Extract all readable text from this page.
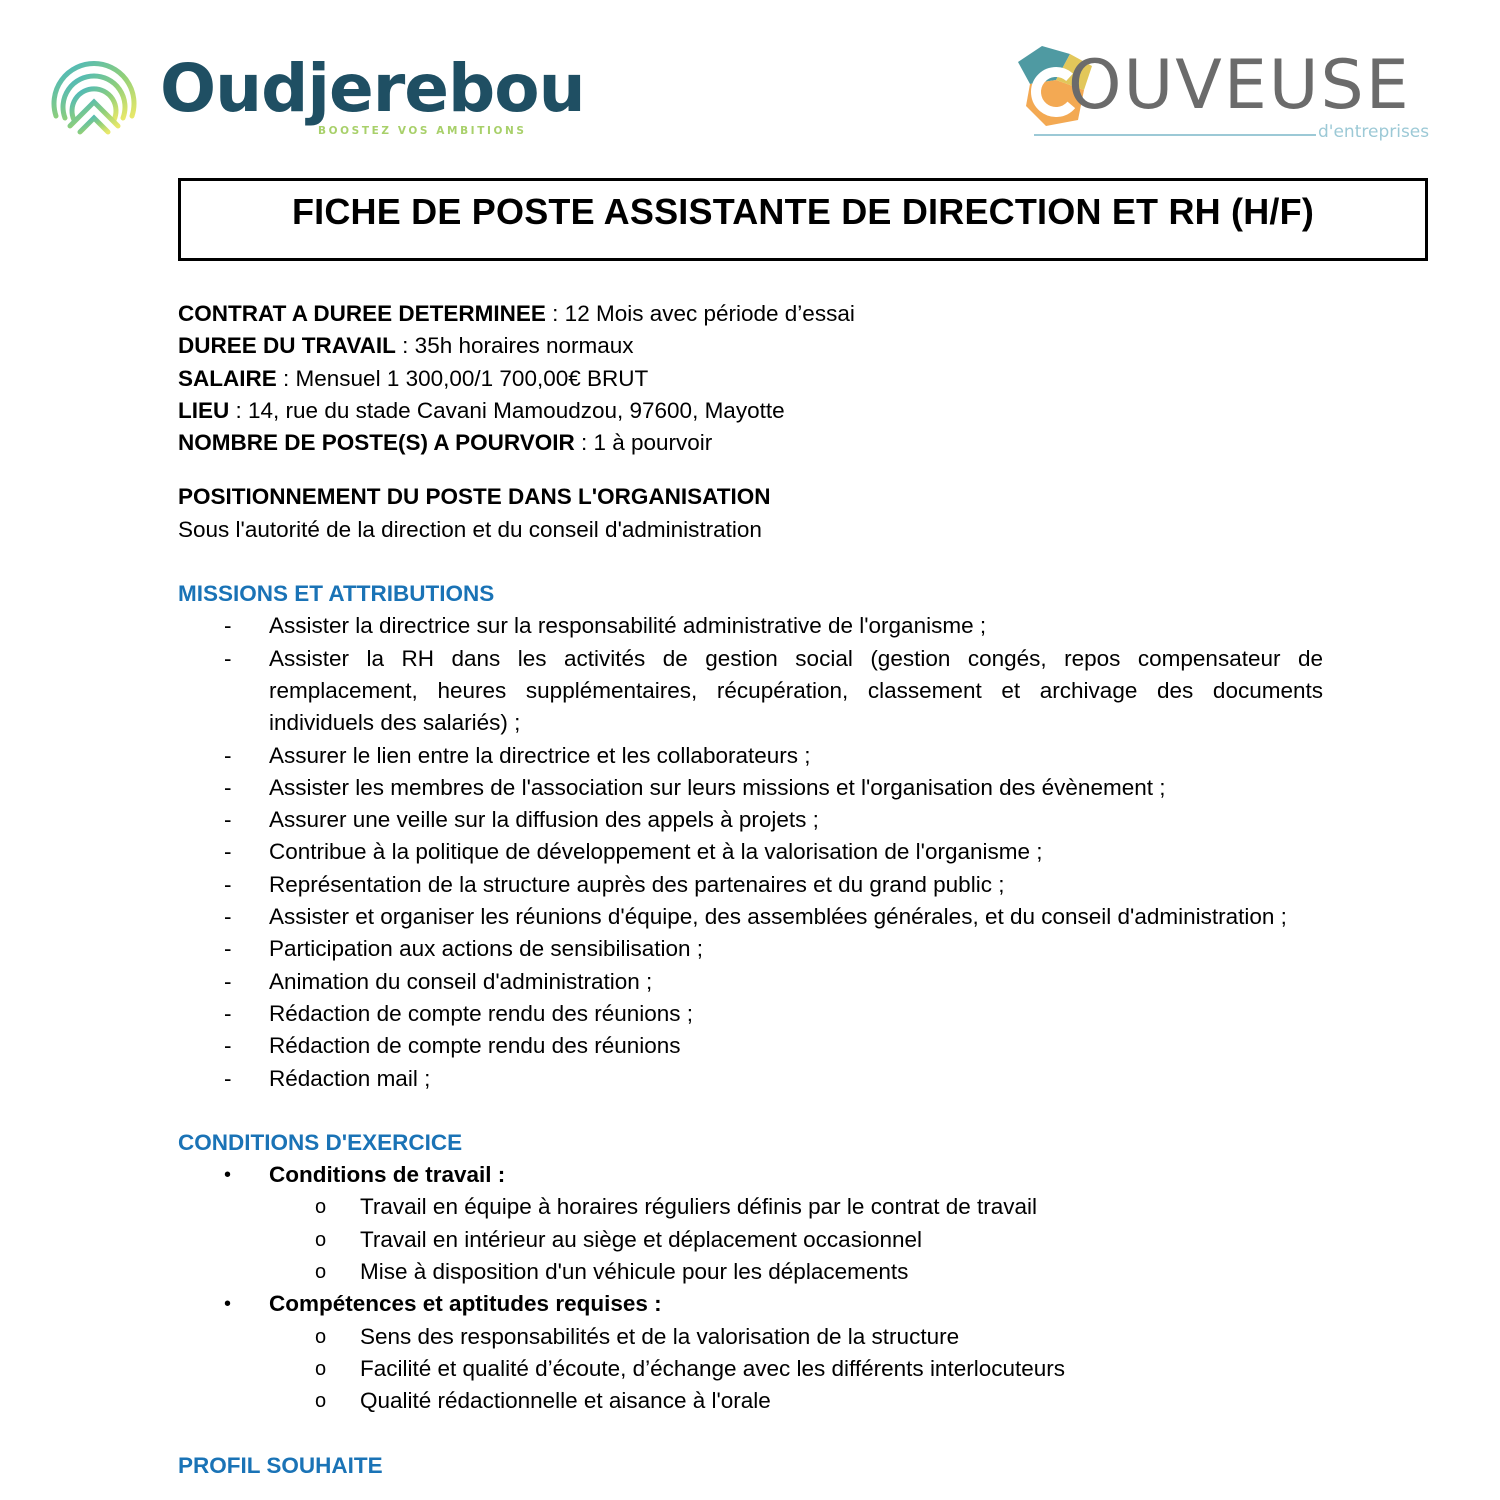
Oudjerebou
BOOSTEZ VOS AMBITIONS
OUVEUSE
d'entreprises
FICHE DE POSTE ASSISTANTE DE DIRECTION ET RH (H/F)
CONTRAT A DUREE DETERMINEE : 12 Mois avec période d’essai
DUREE DU TRAVAIL : 35h horaires normaux
SALAIRE : Mensuel 1 300,00/1 700,00€ BRUT
LIEU : 14, rue du stade Cavani Mamoudzou, 97600, Mayotte
NOMBRE DE POSTE(S) A POURVOIR : 1 à pourvoir
POSITIONNEMENT DU POSTE DANS L'ORGANISATION
Sous l'autorité de la direction et du conseil d'administration
MISSIONS ET ATTRIBUTIONS
- Assister la directrice sur la responsabilité administrative de l'organisme ;
- Assister la RH dans les activités de gestion social (gestion congés, repos compensateur de remplacement, heures supplémentaires, récupération, classement et archivage des documents individuels des salariés) ;
- Assurer le lien entre la directrice et les collaborateurs ;
- Assister les membres de l'association sur leurs missions et l'organisation des évènement ;
- Assurer une veille sur la diffusion des appels à projets ;
- Contribue à la politique de développement et à la valorisation de l'organisme ;
- Représentation de la structure auprès des partenaires et du grand public ;
- Assister et organiser les réunions d'équipe, des assemblées générales, et du conseil d'administration ;
- Participation aux actions de sensibilisation ;
- Animation du conseil d'administration ;
- Rédaction de compte rendu des réunions ;
- Rédaction de compte rendu des réunions
- Rédaction mail ;
CONDITIONS D'EXERCICE
• Conditions de travail :
o Travail en équipe à horaires réguliers définis par le contrat de travail
o Travail en intérieur au siège et déplacement occasionnel
o Mise à disposition d'un véhicule pour les déplacements
• Compétences et aptitudes requises :
o Sens des responsabilités et de la valorisation de la structure
o Facilité et qualité d’écoute, d’échange avec les différents interlocuteurs
o Qualité rédactionnelle et aisance à l'orale
PROFIL SOUHAITE
